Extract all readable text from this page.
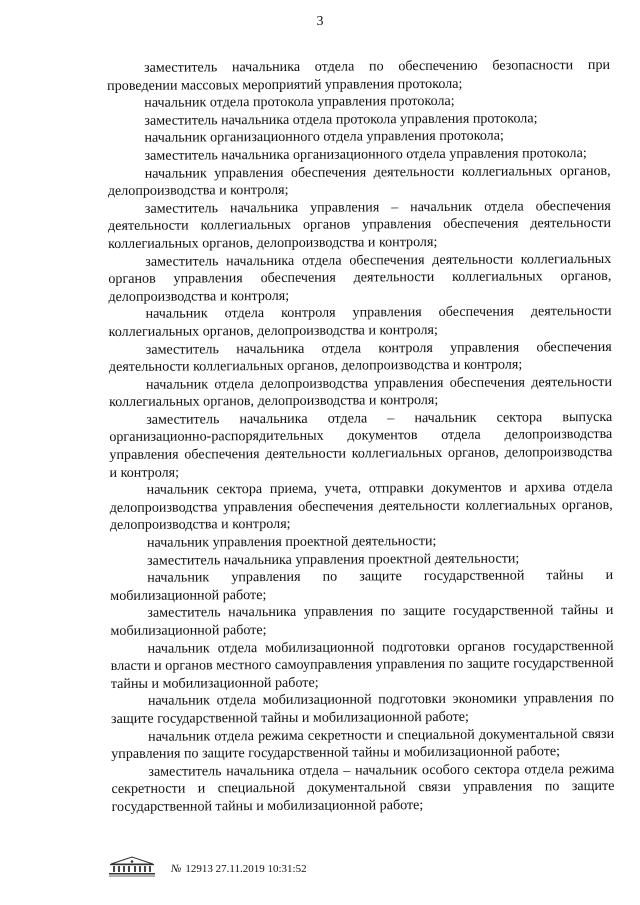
3

заместитель начальника отдела по обеспечению безопасности при проведении массовых мероприятий управления протокола;

начальник отдела протокола управления протокола;

заместитель начальника отдела протокола управления протокола;

начальник организационного отдела управления протокола;

заместитель начальника организационного отдела управления протокола;

начальник управления обеспечения деятельности коллегиальных органов, делопроизводства и контроля;

заместитель начальника управления – начальник отдела обеспечения деятельности коллегиальных органов управления обеспечения деятельности коллегиальных органов, делопроизводства и контроля;

заместитель начальника отдела обеспечения деятельности коллегиальных органов управления обеспечения деятельности коллегиальных органов, делопроизводства и контроля;

начальник отдела контроля управления обеспечения деятельности коллегиальных органов, делопроизводства и контроля;

заместитель начальника отдела контроля управления обеспечения деятельности коллегиальных органов, делопроизводства и контроля;

начальник отдела делопроизводства управления обеспечения деятельности коллегиальных органов, делопроизводства и контроля;

заместитель начальника отдела – начальник сектора выпуска организационно-распорядительных документов отдела делопроизводства управления обеспечения деятельности коллегиальных органов, делопроизводства и контроля;

начальник сектора приема, учета, отправки документов и архива отдела делопроизводства управления обеспечения деятельности коллегиальных органов, делопроизводства и контроля;

начальник управления проектной деятельности;

заместитель начальника управления проектной деятельности;

начальник управления по защите государственной тайны и мобилизационной работе;

заместитель начальника управления по защите государственной тайны и мобилизационной работе;

начальник отдела мобилизационной подготовки органов государственной власти и органов местного самоуправления управления по защите государственной тайны и мобилизационной работе;

начальник отдела мобилизационной подготовки экономики управления по защите государственной тайны и мобилизационной работе;

начальник отдела режима секретности и специальной документальной связи управления по защите государственной тайны и мобилизационной работе;

заместитель начальника отдела – начальник особого сектора отдела режима секретности и специальной документальной связи управления по защите государственной тайны и мобилизационной работе;

№ 12913 27.11.2019 10:31:52
